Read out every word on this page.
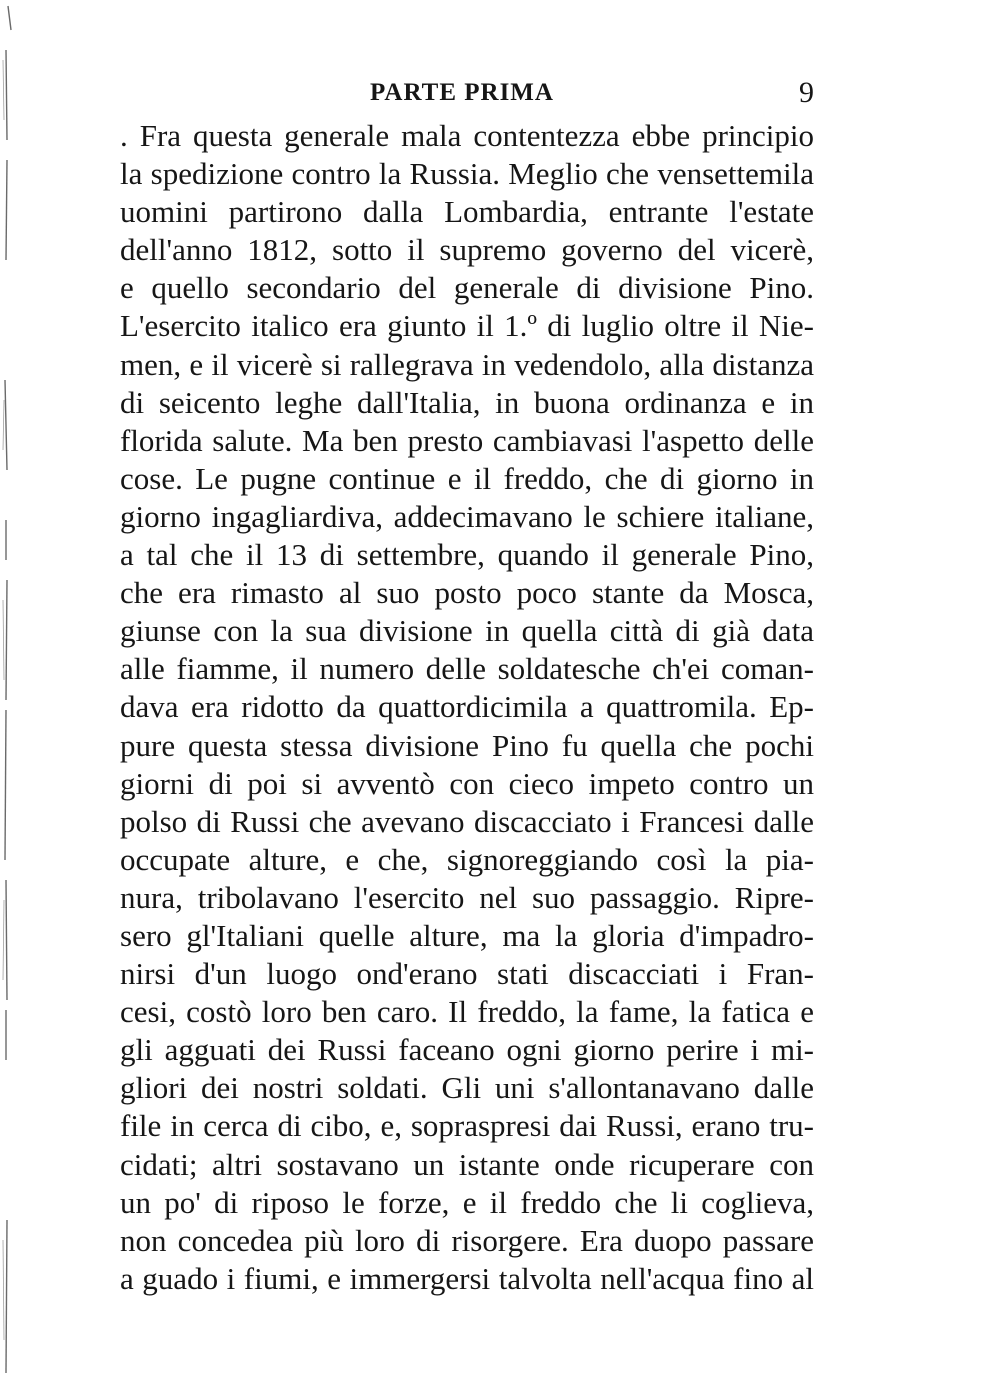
PARTE PRIMA	9
. Fra questa generale mala contentezza ebbe principio
la spedizione contro la Russia. Meglio che vensettemila
uomini partirono dalla Lombardia, entrante l'estate
dell'anno 1812, sotto il supremo governo del vicerè,
e quello secondario del generale di divisione Pino.
L'esercito italico era giunto il 1.º di luglio oltre il Nie-
men, e il vicerè si rallegrava in vedendolo, alla distanza
di seicento leghe dall'Italia, in buona ordinanza e in
florida salute. Ma ben presto cambiavasi l'aspetto delle
cose. Le pugne continue e il freddo, che di giorno in
giorno ingagliardiva, addecimavano le schiere italiane,
a tal che il 13 di settembre, quando il generale Pino,
che era rimasto al suo posto poco stante da Mosca,
giunse con la sua divisione in quella città di già data
alle fiamme, il numero delle soldatesche ch'ei coman-
dava era ridotto da quattordicimila a quattromila. Ep-
pure questa stessa divisione Pino fu quella che pochi
giorni di poi si avventò con cieco impeto contro un
polso di Russi che avevano discacciato i Francesi dalle
occupate alture, e che, signoreggiando così la pia-
nura, tribolavano l'esercito nel suo passaggio. Ripre-
sero gl'Italiani quelle alture, ma la gloria d'impadro-
nirsi d'un luogo ond'erano stati discacciati i Fran-
cesi, costò loro ben caro. Il freddo, la fame, la fatica e
gli agguati dei Russi faceano ogni giorno perire i mi-
gliori dei nostri soldati. Gli uni s'allontanavano dalle
file in cerca di cibo, e, sopraspresi dai Russi, erano tru-
cidati; altri sostavano un istante onde ricuperare con
un po' di riposo le forze, e il freddo che li coglieva,
non concedea più loro di risorgere. Era duopo passare
a guado i fiumi, e immergersi talvolta nell'acqua fino al
